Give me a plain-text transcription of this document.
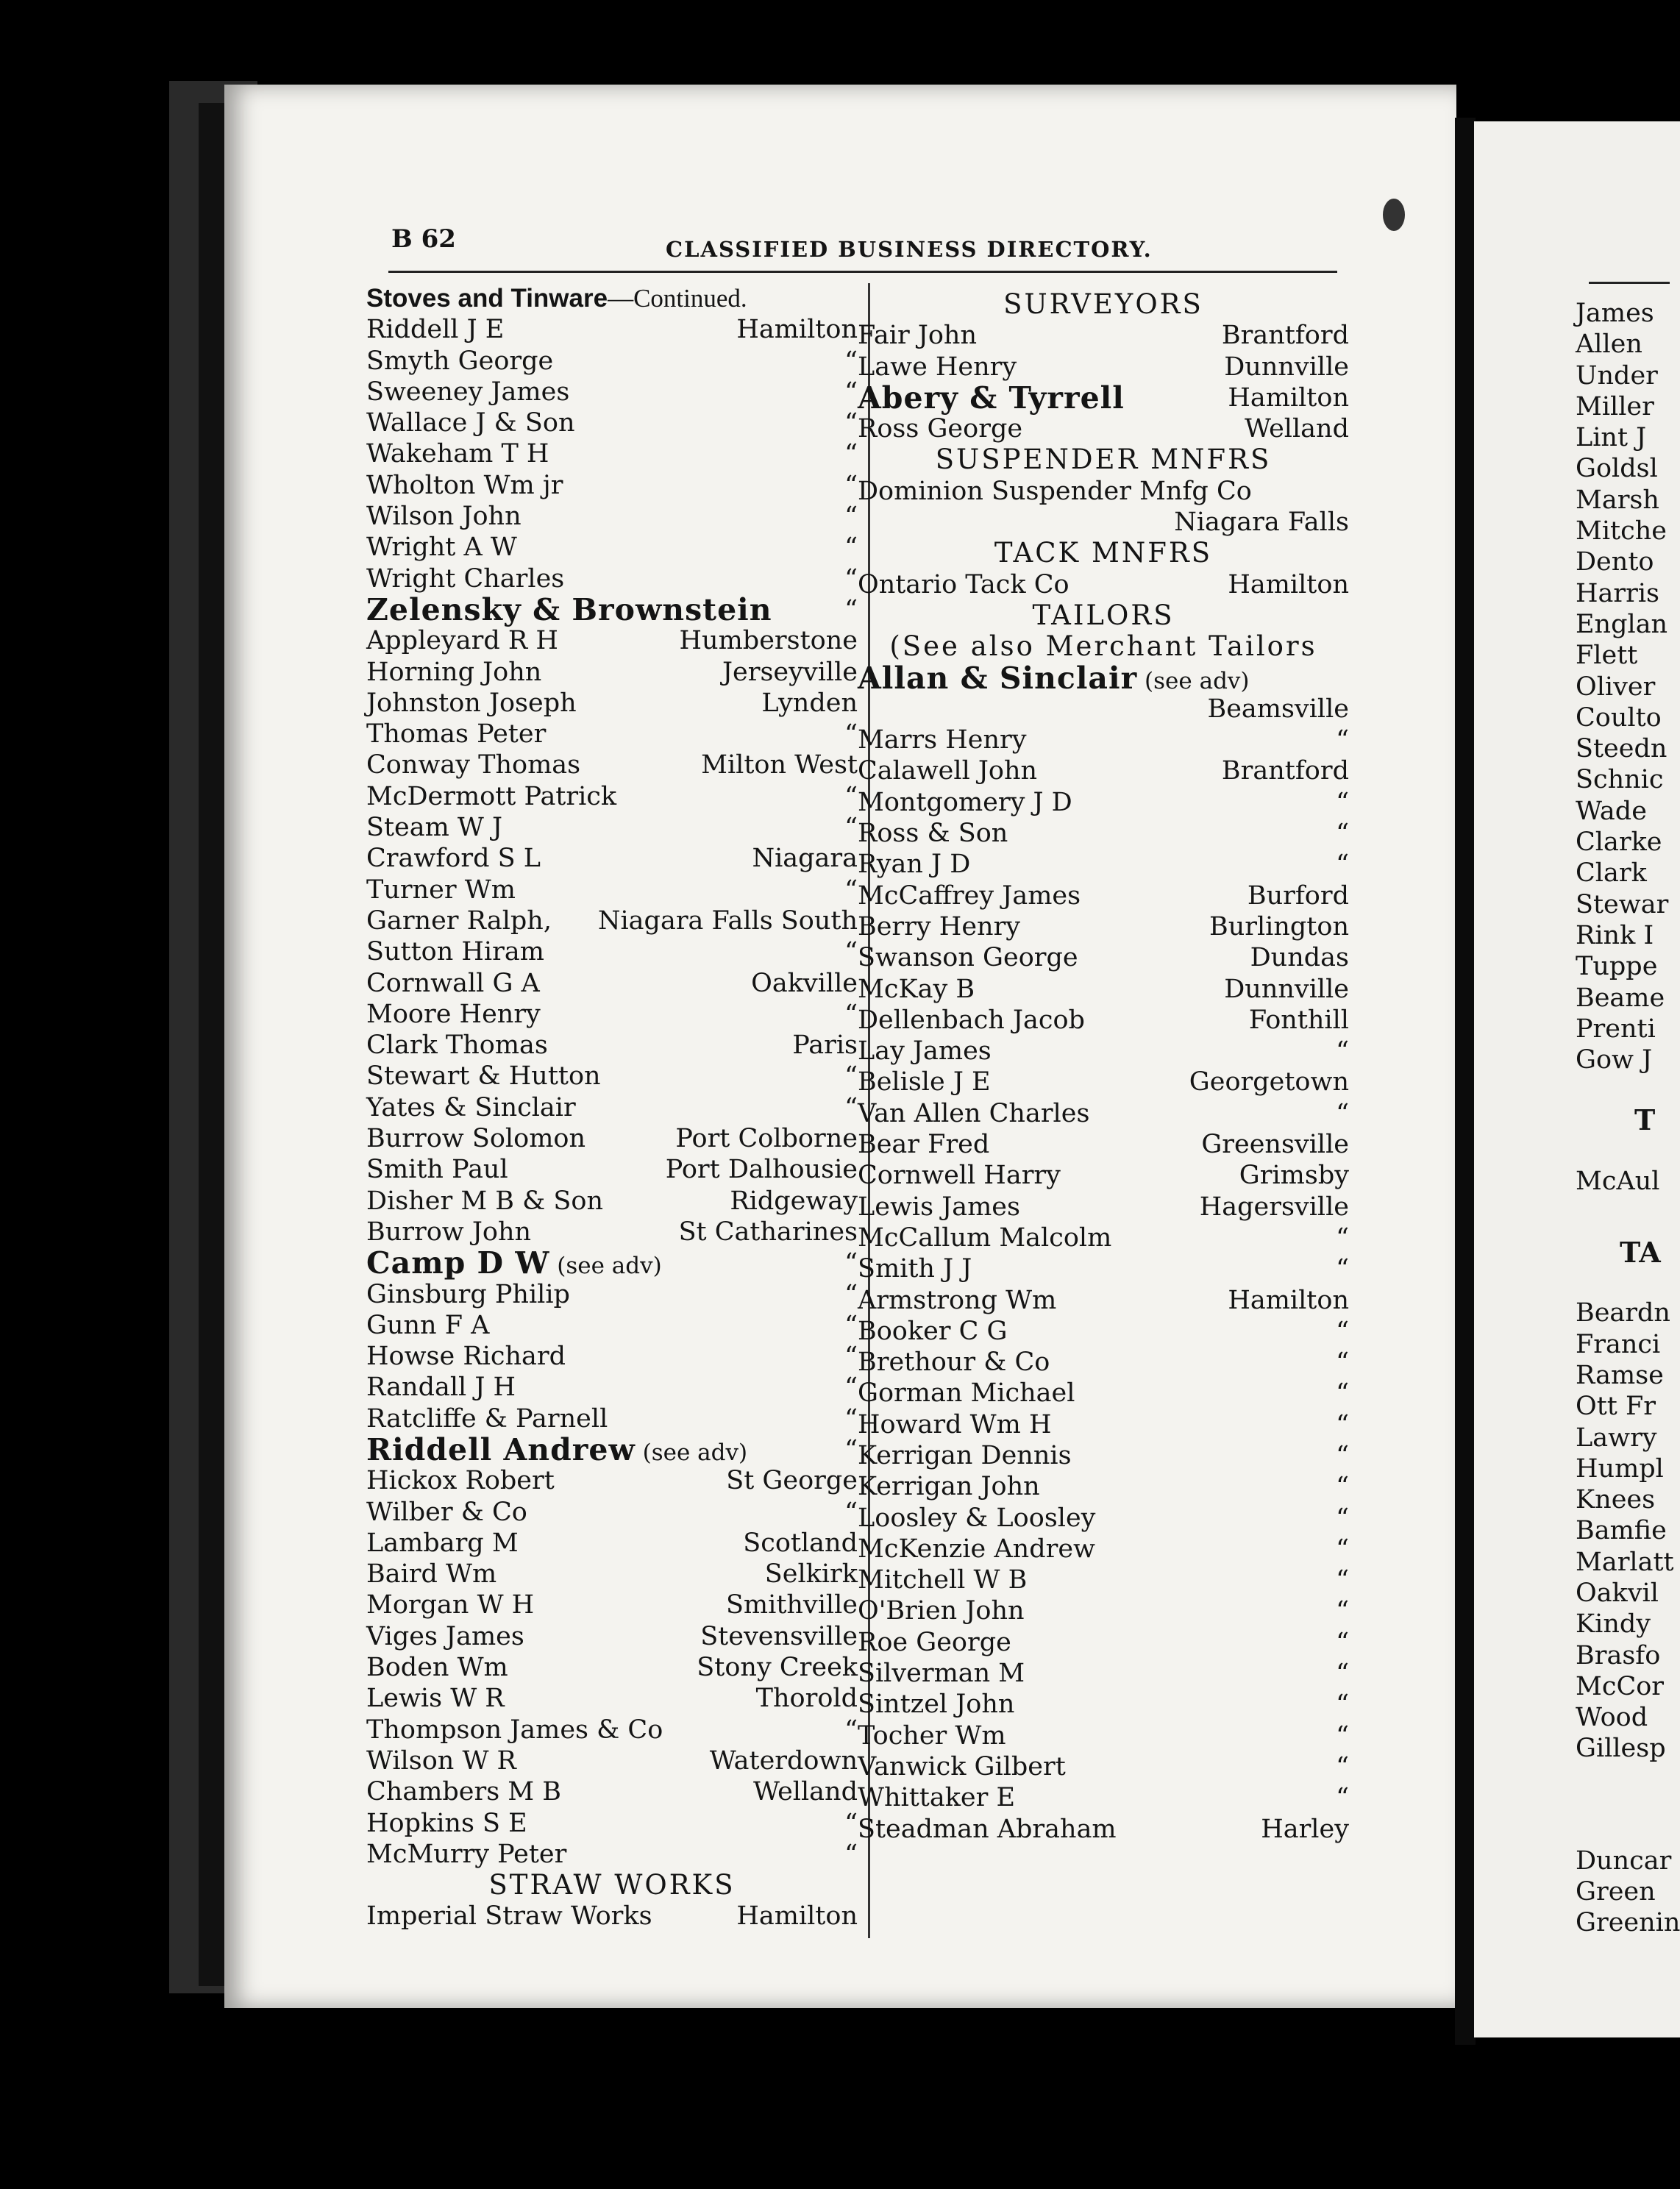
B 62	CLASSIFIED BUSINESS DIRECTORY.
Stoves and Tinware—Continued.
Riddell J E	Hamilton
Smyth George	“
Sweeney James	“
Wallace J & Son	“
Wakeham T H	“
Wholton Wm jr	“
Wilson John	“
Wright A W	“
Wright Charles	“
Zelensky & Brownstein	“
Appleyard R H	Humberstone
Horning John	Jerseyville
Johnston Joseph	Lynden
Thomas Peter	“
Conway Thomas	Milton West
McDermott Patrick	“
Steam W J	“
Crawford S L	Niagara
Turner Wm	“
Garner Ralph, Niagara Falls South
Sutton Hiram	“
Cornwall G A	Oakville
Moore Henry	“
Clark Thomas	Paris
Stewart & Hutton	“
Yates & Sinclair	“
Burrow Solomon	Port Colborne
Smith Paul	Port Dalhousie
Disher M B & Son	Ridgeway
Burrow John	St Catharines
Camp D W (see adv)	“
Ginsburg Philip	“
Gunn F A	“
Howse Richard	“
Randall J H	“
Ratcliffe & Parnell	“
Riddell Andrew (see adv)	“
Hickox Robert	St George
Wilber & Co	“
Lambarg M	Scotland
Baird Wm	Selkirk
Morgan W H	Smithville
Viges James	Stevensville
Boden Wm	Stony Creek
Lewis W R	Thorold
Thompson James & Co	“
Wilson W R	Waterdown
Chambers M B	Welland
Hopkins S E	“
McMurry Peter	“
STRAW WORKS
Imperial Straw Works	Hamilton
SURVEYORS
Fair John	Brantford
Lawe Henry	Dunnville
Abery & Tyrrell	Hamilton
Ross George	Welland
SUSPENDER MNFRS
Dominion Suspender Mnfg Co
Niagara Falls
TACK MNFRS
Ontario Tack Co	Hamilton
TAILORS
(See also Merchant Tailors
Allan & Sinclair (see adv)
Beamsville
Marrs Henry	“
Calawell John	Brantford
Montgomery J D	“
Ross & Son	“
Ryan J D	“
McCaffrey James	Burford
Berry Henry	Burlington
Swanson George	Dundas
McKay B	Dunnville
Dellenbach Jacob	Fonthill
Lay James	“
Belisle J E	Georgetown
Van Allen Charles	“
Bear Fred	Greensville
Cornwell Harry	Grimsby
Lewis James	Hagersville
McCallum Malcolm	“
Smith J J	“
Armstrong Wm	Hamilton
Booker C G	“
Brethour & Co	“
Gorman Michael	“
Howard Wm H	“
Kerrigan Dennis	“
Kerrigan John	“
Loosley & Loosley	“
McKenzie Andrew	“
Mitchell W B	“
O'Brien John	“
Roe George	“
Silverman M	“
Sintzel John	“
Tocher Wm	“
Vanwick Gilbert	“
Whittaker E	“
Steadman Abraham	Harley
James
Allen
Under
Miller
Lint J
Goldsl
Marsh
Mitche
Dento
Harris
Englan
Flett
Oliver
Coulto
Steedn
Schnic
Wade
Clarke
Clark
Stewar
Rink I
Tuppe
Beame
Prenti
Gow J
T
McAul
TA
Beardn
Franci
Ramse
Ott Fr
Lawry
Humpl
Knees
Bamfie
Marlatt
Oakvil
Kindy
Brasfo
McCor
Wood
Gillesp
Duncar
Green
Greenin
